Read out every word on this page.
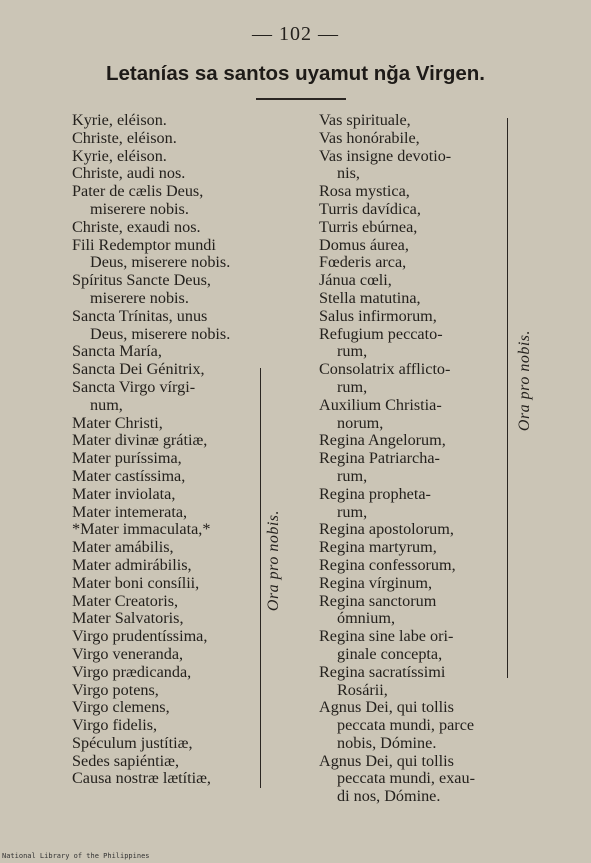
— 102 —
Letanías sa santos uyamut nğa Virgen.
Kyrie, eléison.
Christe, eléison.
Kyrie, eléison.
Christe, audi nos.
Pater de cælis Deus,
miserere nobis.
Christe, exaudi nos.
Fili Redemptor mundi
Deus, miserere nobis.
Spíritus Sancte Deus,
miserere nobis.
Sancta Trínitas, unus
Deus, miserere nobis.
Sancta María,
Sancta Dei Génitrix,
Sancta Virgo vírgi-
num,
Mater Christi,
Mater divinæ grátiæ,
Mater puríssima,
Mater castíssima,
Mater inviolata,
Mater intemerata,
*Mater immaculata,*
Mater amábilis,
Mater admirábilis,
Mater boni consílii,
Mater Creatoris,
Mater Salvatoris,
Virgo prudentíssima,
Virgo veneranda,
Virgo prædicanda,
Virgo potens,
Virgo clemens,
Virgo fidelis,
Spéculum justítiæ,
Sedes sapiéntiæ,
Causa nostræ lætítiæ,
Vas spirituale,
Vas honórabile,
Vas insigne devotio-
nis,
Rosa mystica,
Turris davídica,
Turris ebúrnea,
Domus áurea,
Fœderis arca,
Jánua cœli,
Stella matutina,
Salus infirmorum,
Refugium peccato-
rum,
Consolatrix afflicto-
rum,
Auxilium Christia-
norum,
Regina Angelorum,
Regina Patriarcha-
rum,
Regina propheta-
rum,
Regina apostolorum,
Regina martyrum,
Regina confessorum,
Regina vírginum,
Regina sanctorum
ómnium,
Regina sine labe ori-
ginale concepta,
Regina sacratíssimi
Rosárii,
Agnus Dei, qui tollis
peccata mundi, parce
nobis, Dómine.
Agnus Dei, qui tollis
peccata mundi, exau-
di nos, Dómine.
Ora pro nobis.
Ora pro nobis.
National Library of the Philippines
